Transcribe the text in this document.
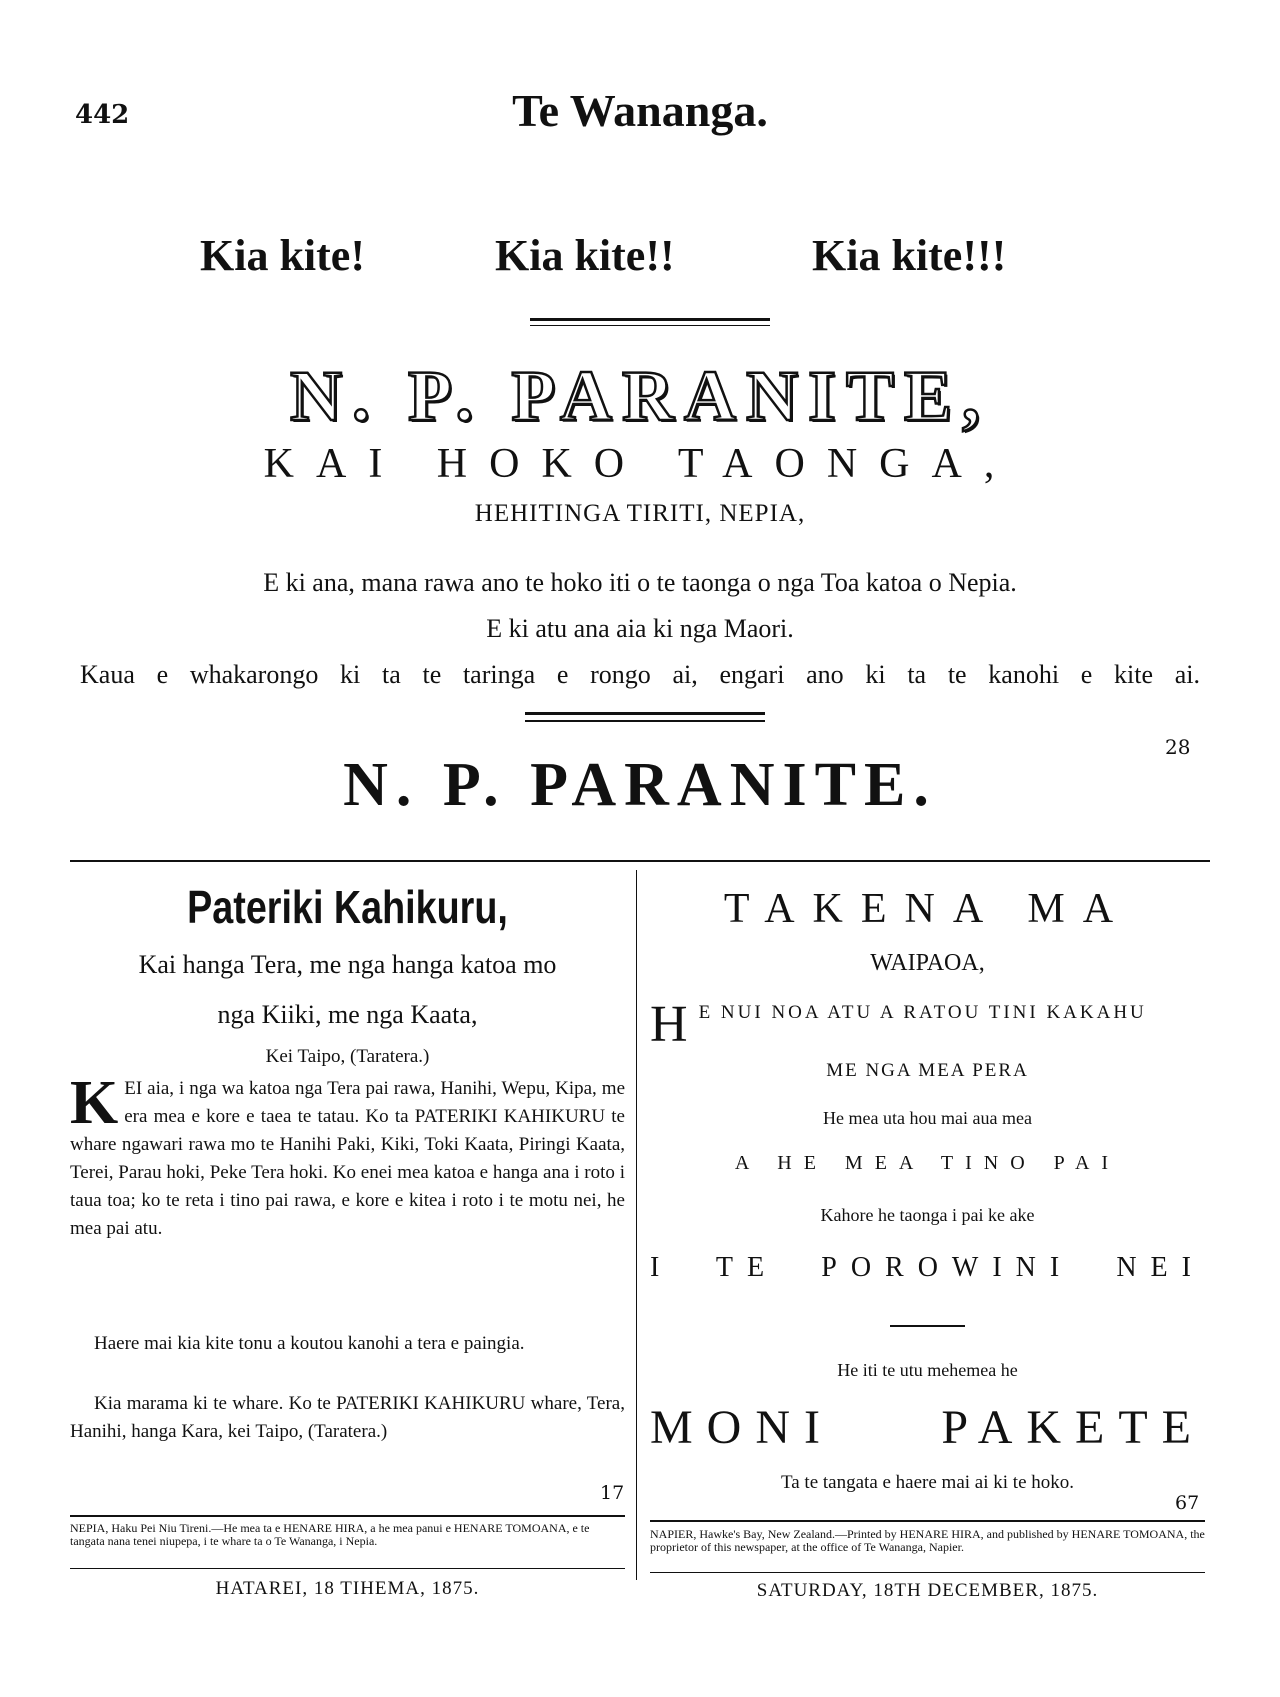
442	Te Wananga.
Kia kite!	Kia kite!!	Kia kite!!!
N. P. PARANITE,
KAI HOKO TAONGA,
HEHITINGA TIRITI, NEPIA,
E ki ana, mana rawa ano te hoko iti o te taonga o nga Toa katoa o Nepia.
E ki atu ana aia ki nga Maori.
Kaua e whakarongo ki ta te taringa e rongo ai, engari ano ki ta te kanohi e kite ai.
28
N. P. PARANITE.
Pateriki Kahikuru,
Kai hanga Tera, me nga hanga katoa mo
nga Kiiki, me nga Kaata,
Kei Taipo, (Taratera.)
KEI aia, i nga wa katoa nga Tera pai rawa, Hanihi, Wepu, Kipa, me era mea e kore e taea te tatau. Ko ta PATERIKI KAHIKURU te whare ngawari rawa mo te Hanihi Paki, Kiki, Toki Kaata, Piringi Kaata, Terei, Parau hoki, Peke Tera hoki. Ko enei mea katoa e hanga ana i roto i taua toa; ko te reta i tino pai rawa, e kore e kitea i roto i te motu nei, he mea pai atu.
Haere mai kia kite tonu a koutou kanohi a tera e paingia.
Kia marama ki te whare. Ko te PATERIKI KAHIKURU whare, Tera, Hanihi, hanga Kara, kei Taipo, (Taratera.)
17
NEPIA, Haku Pei Niu Tireni.—He mea ta e HENARE HIRA, a he mea panui e HENARE TOMOANA, e te tangata nana tenei niupepa, i te whare ta o Te Wananga, i Nepia.
HATAREI, 18 TIHEMA, 1875.
TAKENA MA
WAIPAOA,
H E NUI NOA ATU A RATOU TINI KAKAHU
ME NGA MEA PERA
He mea uta hou mai aua mea
A HE MEA TINO PAI
Kahore he taonga i pai ke ake
I TE POROWINI NEI
He iti te utu mehemea he
MONI PAKETE
Ta te tangata e haere mai ai ki te hoko.
67
NAPIER, Hawke's Bay, New Zealand.—Printed by HENARE HIRA, and published by HENARE TOMOANA, the proprietor of this newspaper, at the office of Te Wananga, Napier.
SATURDAY, 18TH DECEMBER, 1875.
